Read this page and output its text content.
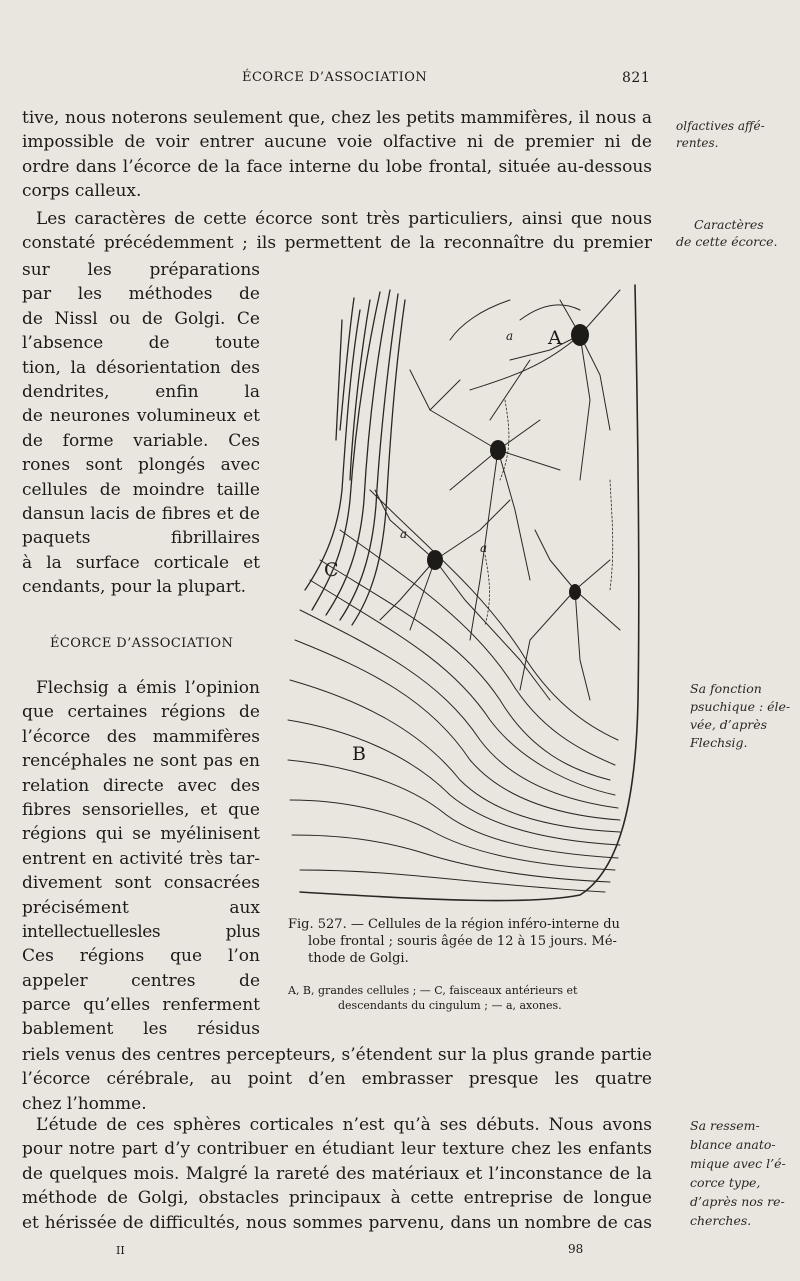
ÉCORCE D’ASSOCIATION	821
tive, nous noterons seulement que, chez les petits mammifères, il nous a
impossible de voir entrer aucune voie olfactive ni de premier ni de
ordre dans l’écorce de la face interne du lobe frontal, située au-dessous
corps calleux.
Les caractères de cette écorce sont très particuliers, ainsi que nous
constaté précédemment ; ils permettent de la reconnaître du premier
sur les préparations
par les méthodes de
de Nissl ou de Golgi. Ce
l’absence de toute
tion, la désorientation des
dendrites, enfin la
de neurones volumineux et
de forme variable. Ces
rones sont plongés avec
cellules de moindre taille
dansun lacis de fibres et de
paquets fibrillaires
à la surface corticale et
cendants, pour la plupart.
ÉCORCE D’ASSOCIATION
Flechsig a émis l’opinion
que certaines régions de
l’écorce des mammifères
rencéphales ne sont pas en
relation directe avec des
fibres sensorielles, et que
régions qui se myélinisent
entrent en activité très tar-
divement sont consacrées
précisément aux
intellectuellesles plus
Ces régions que l’on
appeler centres de
parce qu’elles renferment
bablement les résidus
riels venus des centres percepteurs, s’étendent sur la plus grande partie
l’écorce cérébrale, au point d’en embrasser presque les quatre
chez l’homme.
L’étude de ces sphères corticales n’est qu’à ses débuts. Nous avons
pour notre part d’y contribuer en étudiant leur texture chez les enfants
de quelques mois. Malgré la rareté des matériaux et l’inconstance de la
méthode de Golgi, obstacles principaux à cette entreprise de longue
et hérissée de difficultés, nous sommes parvenu, dans un nombre de cas
olfactives affé-
rentes.
Caractères
de cette écorce.
Sa fonction
psuchique : éle-
vée, d’après
Flechsig.
Sa ressem-
blance anato-
mique avec l’é-
corce type,
d’après nos re-
cherches.
A
B
C
a
a
a
Fig. 527. — Cellules de la région inféro-interne du
lobe frontal ; souris âgée de 12 à 15 jours. Mé-
thode de Golgi.
A, B, grandes cellules ; — C, faisceaux antérieurs et
descendants du cingulum ; — a, axones.
II	98
